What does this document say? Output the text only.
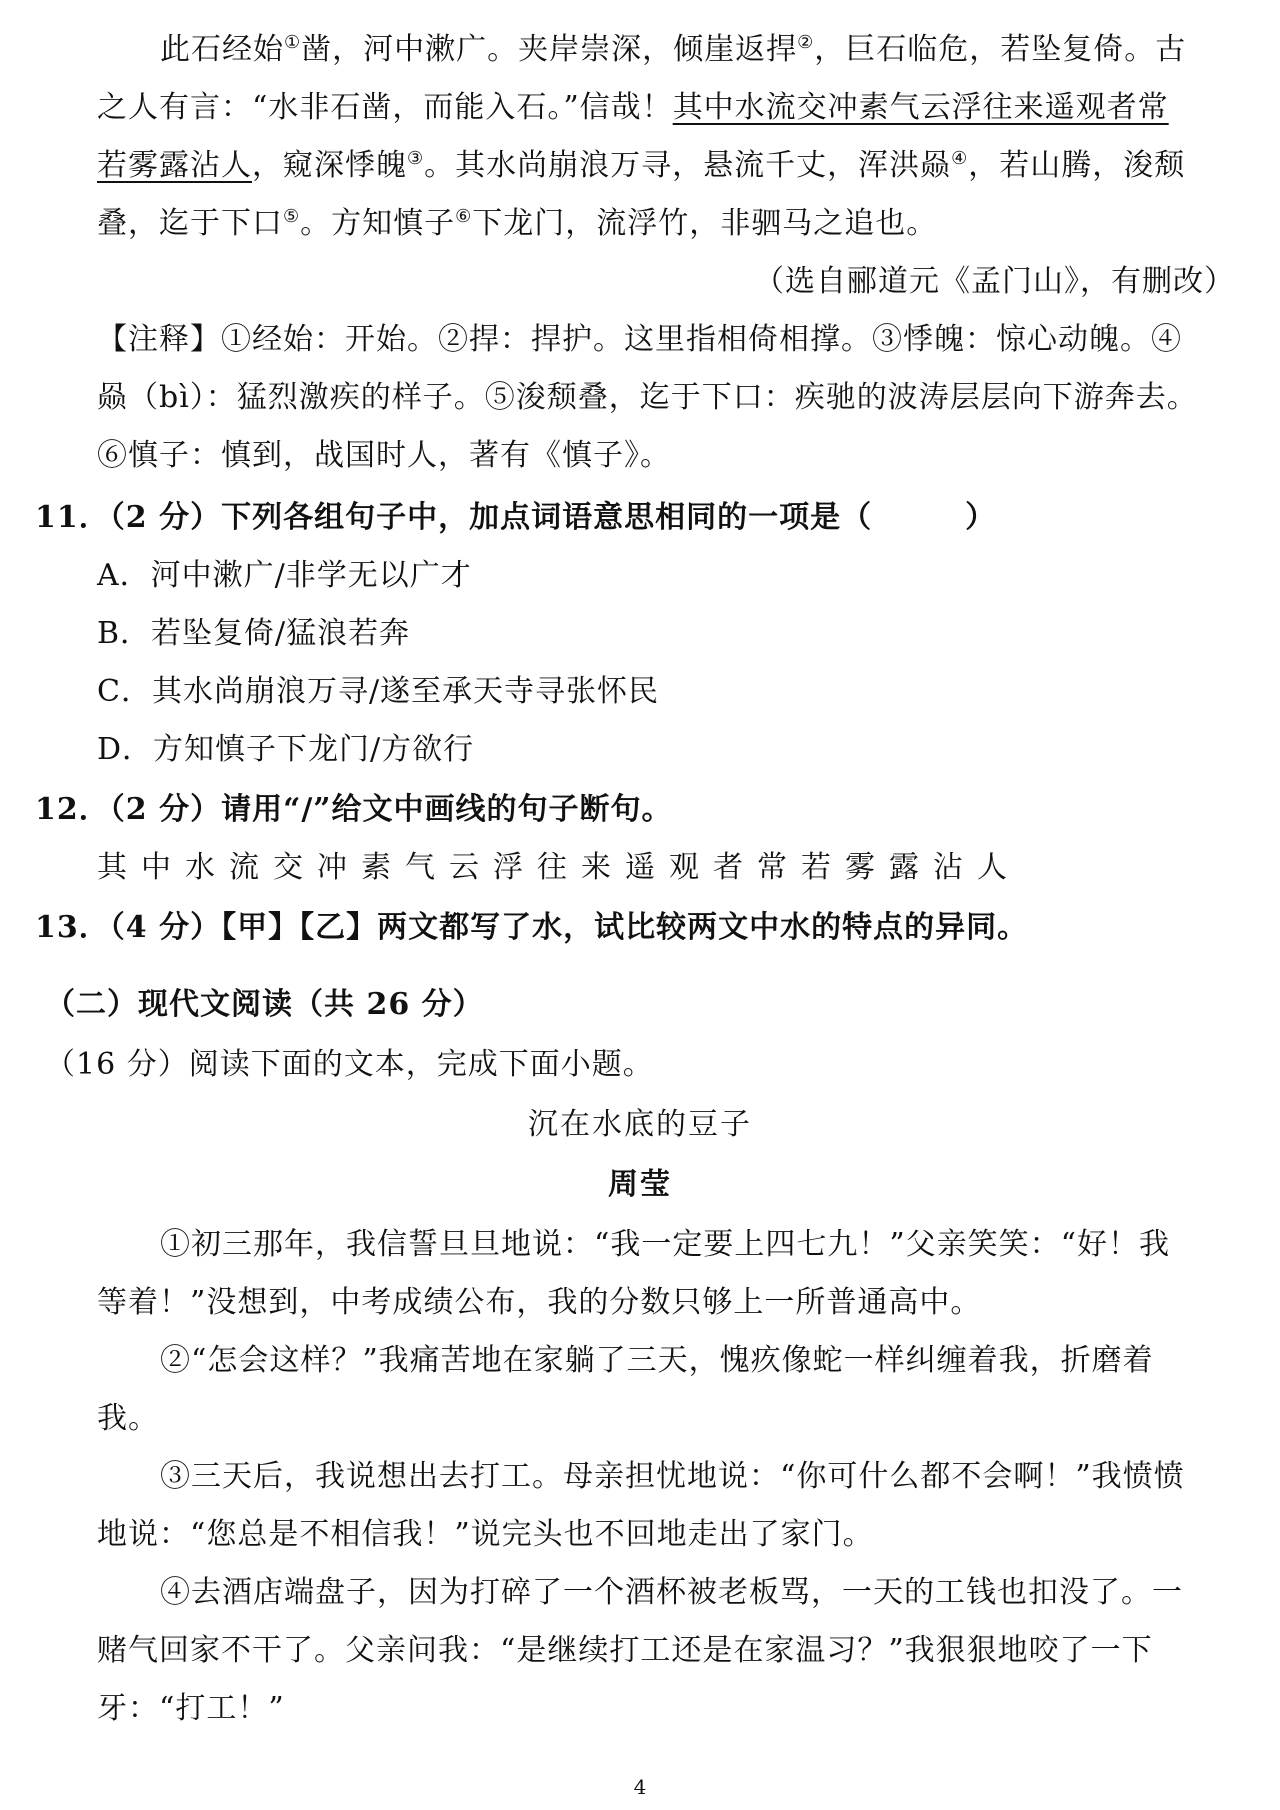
此石经始①凿，河中漱广。夹岸崇深，倾崖返捍②，巨石临危，若坠复倚。古
之人有言：“水非石凿，而能入石。”信哉！其中水流交冲素气云浮往来遥观者常
若雾露沾人，窥深悸魄③。其水尚崩浪万寻，悬流千丈，浑洪赑④，若山腾，浚颓
叠，迄于下口⑤。方知慎子⑥下龙门，流浮竹，非驷马之追也。
（选自郦道元《孟门山》，有删改）
【注释】①经始：开始。②捍：捍护。这里指相倚相撑。③悸魄：惊心动魄。④
赑（bì）：猛烈激疾的样子。⑤浚颓叠，迄于下口：疾驰的波涛层层向下游奔去。
⑥慎子：慎到，战国时人，著有《慎子》。
11．（2 分）下列各组句子中，加点词语意思相同的一项是（　　　）
A．河中漱广/非学无以广才
B．若坠复倚/猛浪若奔
C．其水尚崩浪万寻/遂至承天寺寻张怀民
D．方知慎子下龙门/方欲行
12．（2 分）请用“/”给文中画线的句子断句。
其中水流交冲素气云浮往来遥观者常若雾露沾人
13．（4 分）【甲】【乙】两文都写了水，试比较两文中水的特点的异同。
（二）现代文阅读（共 26 分）
（16 分）阅读下面的文本，完成下面小题。
沉在水底的豆子
周莹
①初三那年，我信誓旦旦地说：“我一定要上四七九！”父亲笑笑：“好！我
等着！”没想到，中考成绩公布，我的分数只够上一所普通高中。
②“怎会这样？”我痛苦地在家躺了三天，愧疚像蛇一样纠缠着我，折磨着
我。
③三天后，我说想出去打工。母亲担忧地说：“你可什么都不会啊！”我愤愤
地说：“您总是不相信我！”说完头也不回地走出了家门。
④去酒店端盘子，因为打碎了一个酒杯被老板骂，一天的工钱也扣没了。一
赌气回家不干了。父亲问我：“是继续打工还是在家温习？”我狠狠地咬了一下
牙：“打工！”
4
